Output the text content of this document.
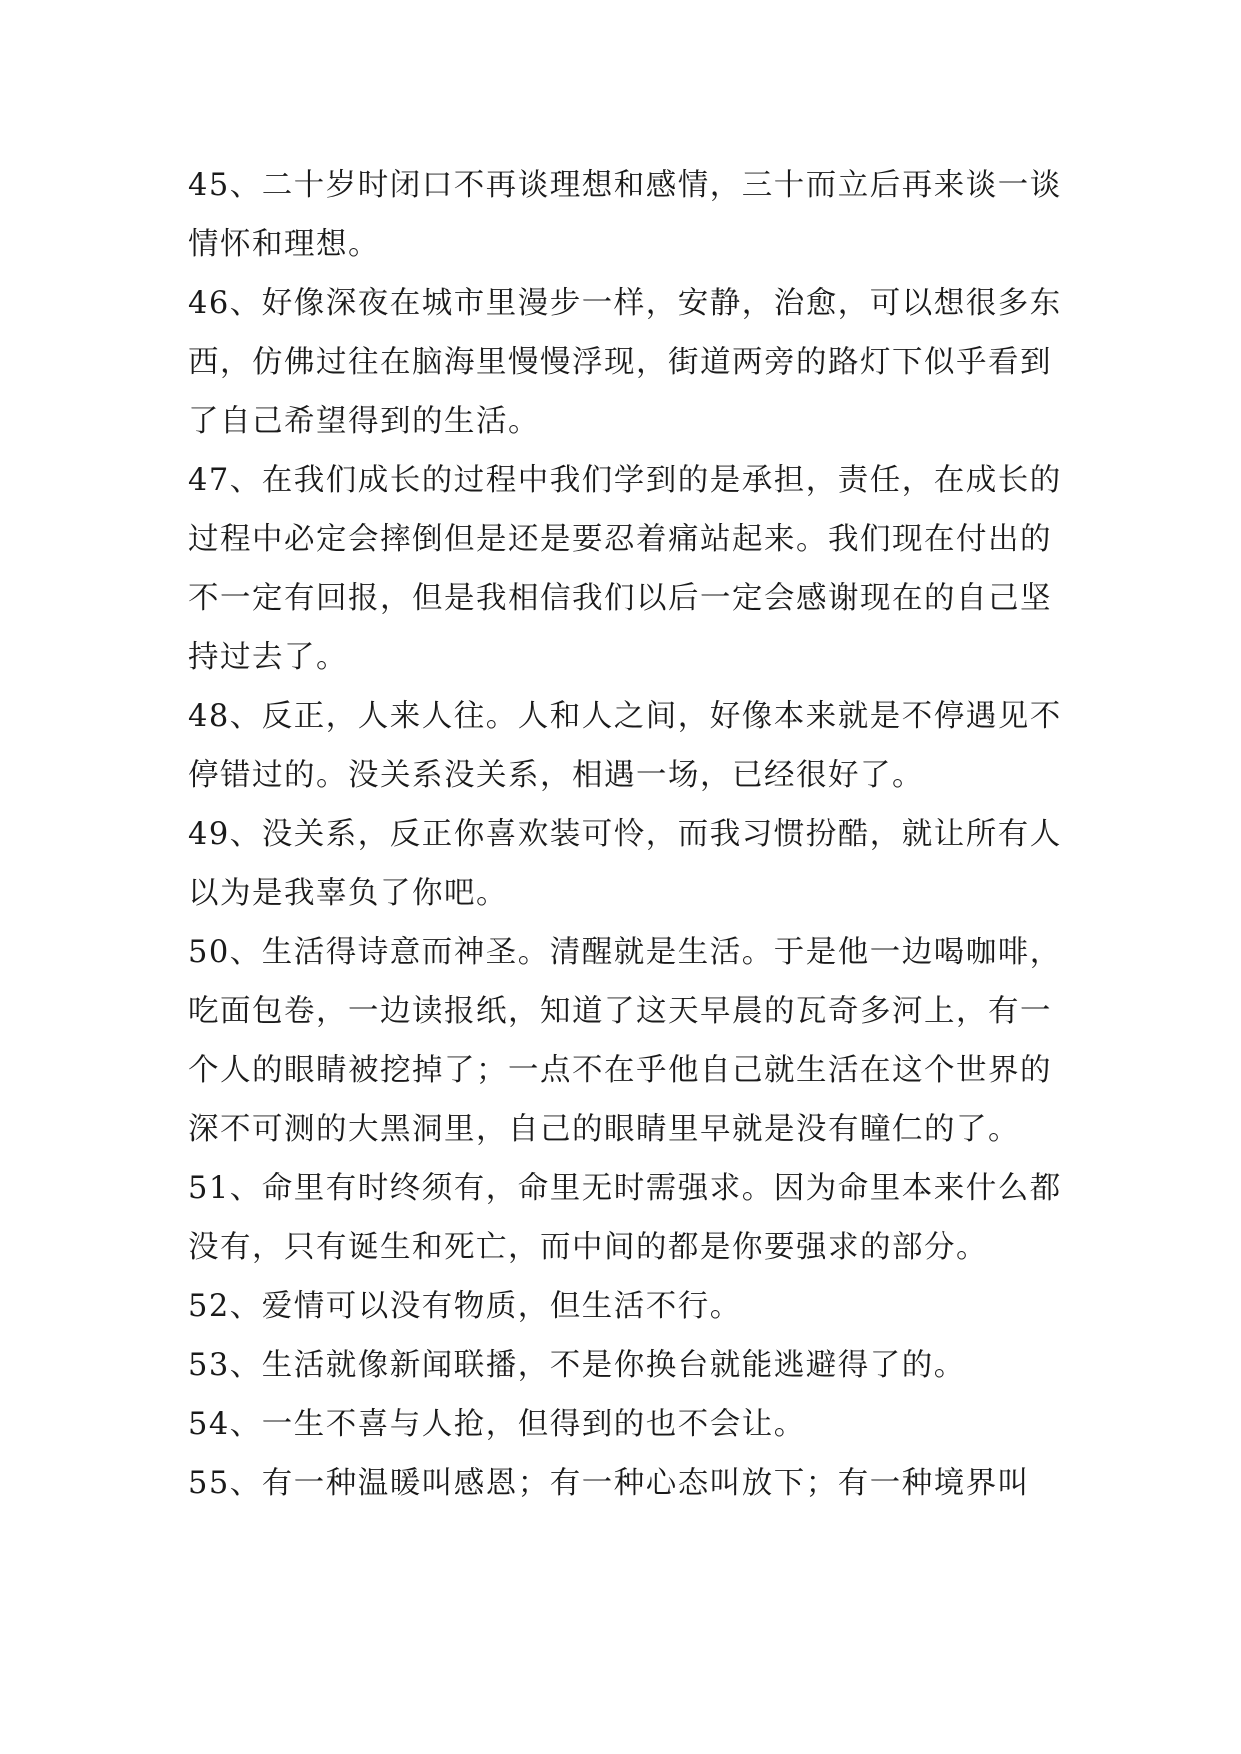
45、二十岁时闭口不再谈理想和感情，三十而立后再来谈一谈情怀和理想。

46、好像深夜在城市里漫步一样，安静，治愈，可以想很多东西，仿佛过往在脑海里慢慢浮现，街道两旁的路灯下似乎看到了自己希望得到的生活。

47、在我们成长的过程中我们学到的是承担，责任，在成长的过程中必定会摔倒但是还是要忍着痛站起来。我们现在付出的不一定有回报，但是我相信我们以后一定会感谢现在的自己坚持过去了。

48、反正，人来人往。人和人之间，好像本来就是不停遇见不停错过的。没关系没关系，相遇一场，已经很好了。

49、没关系，反正你喜欢装可怜，而我习惯扮酷，就让所有人以为是我辜负了你吧。

50、生活得诗意而神圣。清醒就是生活。于是他一边喝咖啡，吃面包卷，一边读报纸，知道了这天早晨的瓦奇多河上，有一个人的眼睛被挖掉了；一点不在乎他自己就生活在这个世界的深不可测的大黑洞里，自己的眼睛里早就是没有瞳仁的了。

51、命里有时终须有，命里无时需强求。因为命里本来什么都没有，只有诞生和死亡，而中间的都是你要强求的部分。

52、爱情可以没有物质，但生活不行。

53、生活就像新闻联播，不是你换台就能逃避得了的。

54、一生不喜与人抢，但得到的也不会让。

55、有一种温暖叫感恩；有一种心态叫放下；有一种境界叫
